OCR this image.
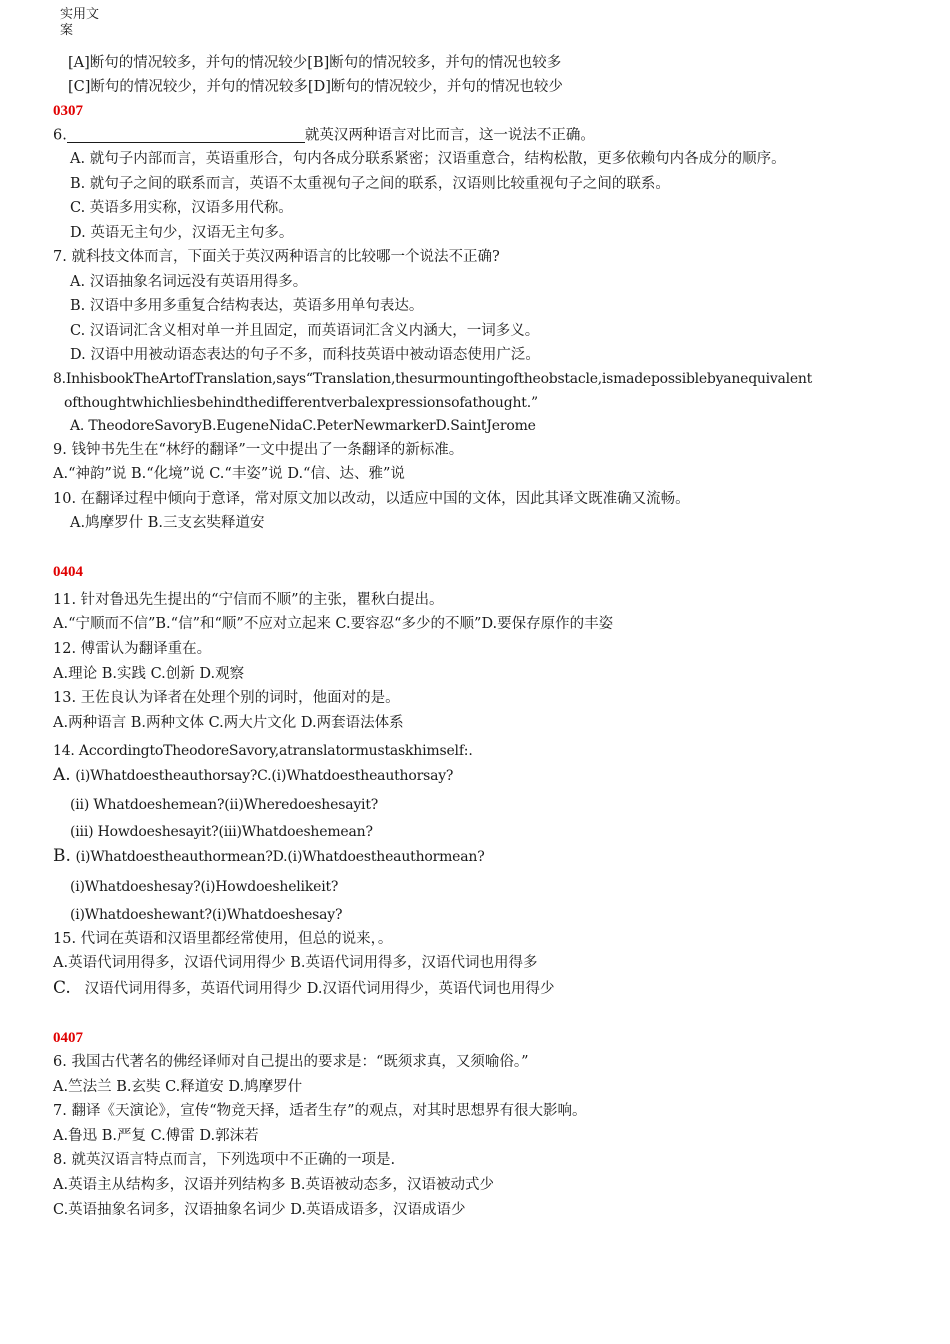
实用文
案
[A]断句的情况较多，并句的情况较少[B]断句的情况较多，并句的情况也较多
[C]断句的情况较少，并句的情况较多[D]断句的情况较少，并句的情况也较少
0307
6.	就英汉两种语言对比而言，这一说法不正确。
A. 就句子内部而言，英语重形合，句内各成分联系紧密；汉语重意合，结构松散，更多依赖句内各成分的顺序。
B. 就句子之间的联系而言，英语不太重视句子之间的联系，汉语则比较重视句子之间的联系。
C. 英语多用实称，汉语多用代称。
D. 英语无主句少，汉语无主句多。
7. 就科技文体而言，下面关于英汉两种语言的比较哪一个说法不正确?
A. 汉语抽象名词远没有英语用得多。
B. 汉语中多用多重复合结构表达，英语多用单句表达。
C. 汉语词汇含义相对单一并且固定，而英语词汇含义内涵大，一词多义。
D. 汉语中用被动语态表达的句子不多，而科技英语中被动语态使用广泛。
8.InhisbookTheArtofTranslation,says“Translation,thesurmountingoftheobstacle,ismadepossiblebyanequivalent
ofthoughtwhichliesbehindthedifferentverbalexpressionsofathought.”
A. TheodoreSavoryB.EugeneNidaC.PeterNewmarkerD.SaintJerome
9. 钱钟书先生在“林纾的翻译”一文中提出了一条翻译的新标准。
A.“神韵”说 B.“化境”说 C.“丰姿”说 D.“信、达、雅”说
10. 在翻译过程中倾向于意译，常对原文加以改动，以适应中国的文体，因此其译文既准确又流畅。
A.鸠摩罗什 B.三支玄奘释道安
0404
11. 针对鲁迅先生提出的“宁信而不顺”的主张，瞿秋白提出。
A.“宁顺而不信”B.“信”和“顺”不应对立起来 C.要容忍“多少的不顺”D.要保存原作的丰姿
12. 傅雷认为翻译重在。
A.理论 B.实践 C.创新 D.观察
13. 王佐良认为译者在处理个别的词时，他面对的是。
A.两种语言 B.两种文体 C.两大片文化 D.两套语法体系
14. AccordingtoTheodoreSavory,atranslatormustaskhimself:.
A. (ⅰ)Whatdoestheauthorsay?C.(ⅰ)Whatdoestheauthorsay?
(ii) Whatdoeshemean?(ⅱ)Wheredoeshesayit?
(iii) Howdoeshesayit?(iii)Whatdoeshemean?
B. (ⅰ)Whatdoestheauthormean?D.(ⅰ)Whatdoestheauthormean?
(ⅰ)Whatdoeshesay?(ⅰ)Howdoeshelikeit?
(ⅰ)Whatdoeshewant?(ⅰ)Whatdoeshesay?
15. 代词在英语和汉语里都经常使用，但总的说来，。
A.英语代词用得多，汉语代词用得少 B.英语代词用得多，汉语代词也用得多
C. 汉语代词用得多，英语代词用得少 D.汉语代词用得少，英语代词也用得少
0407
6. 我国古代著名的佛经译师对自己提出的要求是：“既须求真，又须喻俗。”
A.竺法兰 B.玄奘 C.释道安 D.鸠摩罗什
7. 翻译《天演论》，宣传“物竞天择，适者生存”的观点，对其时思想界有很大影响。
A.鲁迅 B.严复 C.傅雷 D.郭沫若
8. 就英汉语言特点而言，下列选项中不正确的一项是.
A.英语主从结构多，汉语并列结构多 B.英语被动态多，汉语被动式少
C.英语抽象名词多，汉语抽象名词少 D.英语成语多，汉语成语少
